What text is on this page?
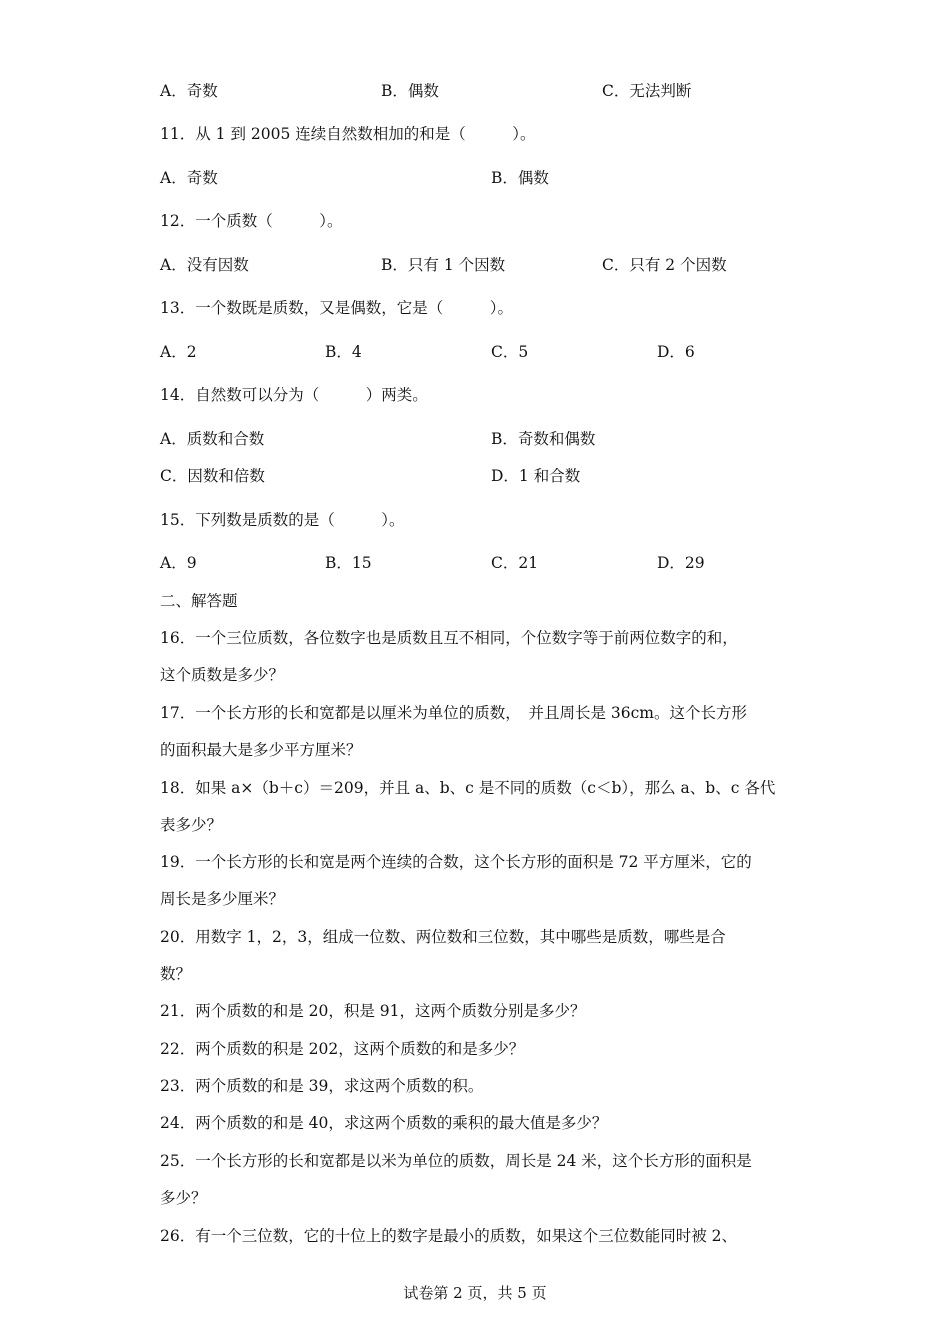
A．奇数	B．偶数	C．无法判断
11．从 1 到 2005 连续自然数相加的和是（　　　）。
A．奇数	B．偶数
12．一个质数（　　　）。
A．没有因数	B．只有 1 个因数	C．只有 2 个因数
13．一个数既是质数，又是偶数，它是（　　　）。
A．2	B．4	C．5	D．6
14．自然数可以分为（　　　）两类。
A．质数和合数	B．奇数和偶数
C．因数和倍数	D．1 和合数
15．下列数是质数的是（　　　）。
A．9	B．15	C．21	D．29
二、解答题
16．一个三位质数，各位数字也是质数且互不相同，个位数字等于前两位数字的和，
这个质数是多少？
17．一个长方形的长和宽都是以厘米为单位的质数，　并且周长是 36cm。这个长方形
的面积最大是多少平方厘米？
18．如果 a×（b＋c）＝209，并且 a、b、c 是不同的质数（c＜b），那么 a、b、c 各代
表多少？
19．一个长方形的长和宽是两个连续的合数，这个长方形的面积是 72 平方厘米，它的
周长是多少厘米？
20．用数字 1，2，3，组成一位数、两位数和三位数，其中哪些是质数，哪些是合
数？
21．两个质数的和是 20，积是 91，这两个质数分别是多少？
22．两个质数的积是 202，这两个质数的和是多少？
23．两个质数的和是 39，求这两个质数的积。
24．两个质数的和是 40，求这两个质数的乘积的最大值是多少？
25．一个长方形的长和宽都是以米为单位的质数，周长是 24 米，这个长方形的面积是
多少？
26．有一个三位数，它的十位上的数字是最小的质数，如果这个三位数能同时被 2、
试卷第 2 页，共 5 页
